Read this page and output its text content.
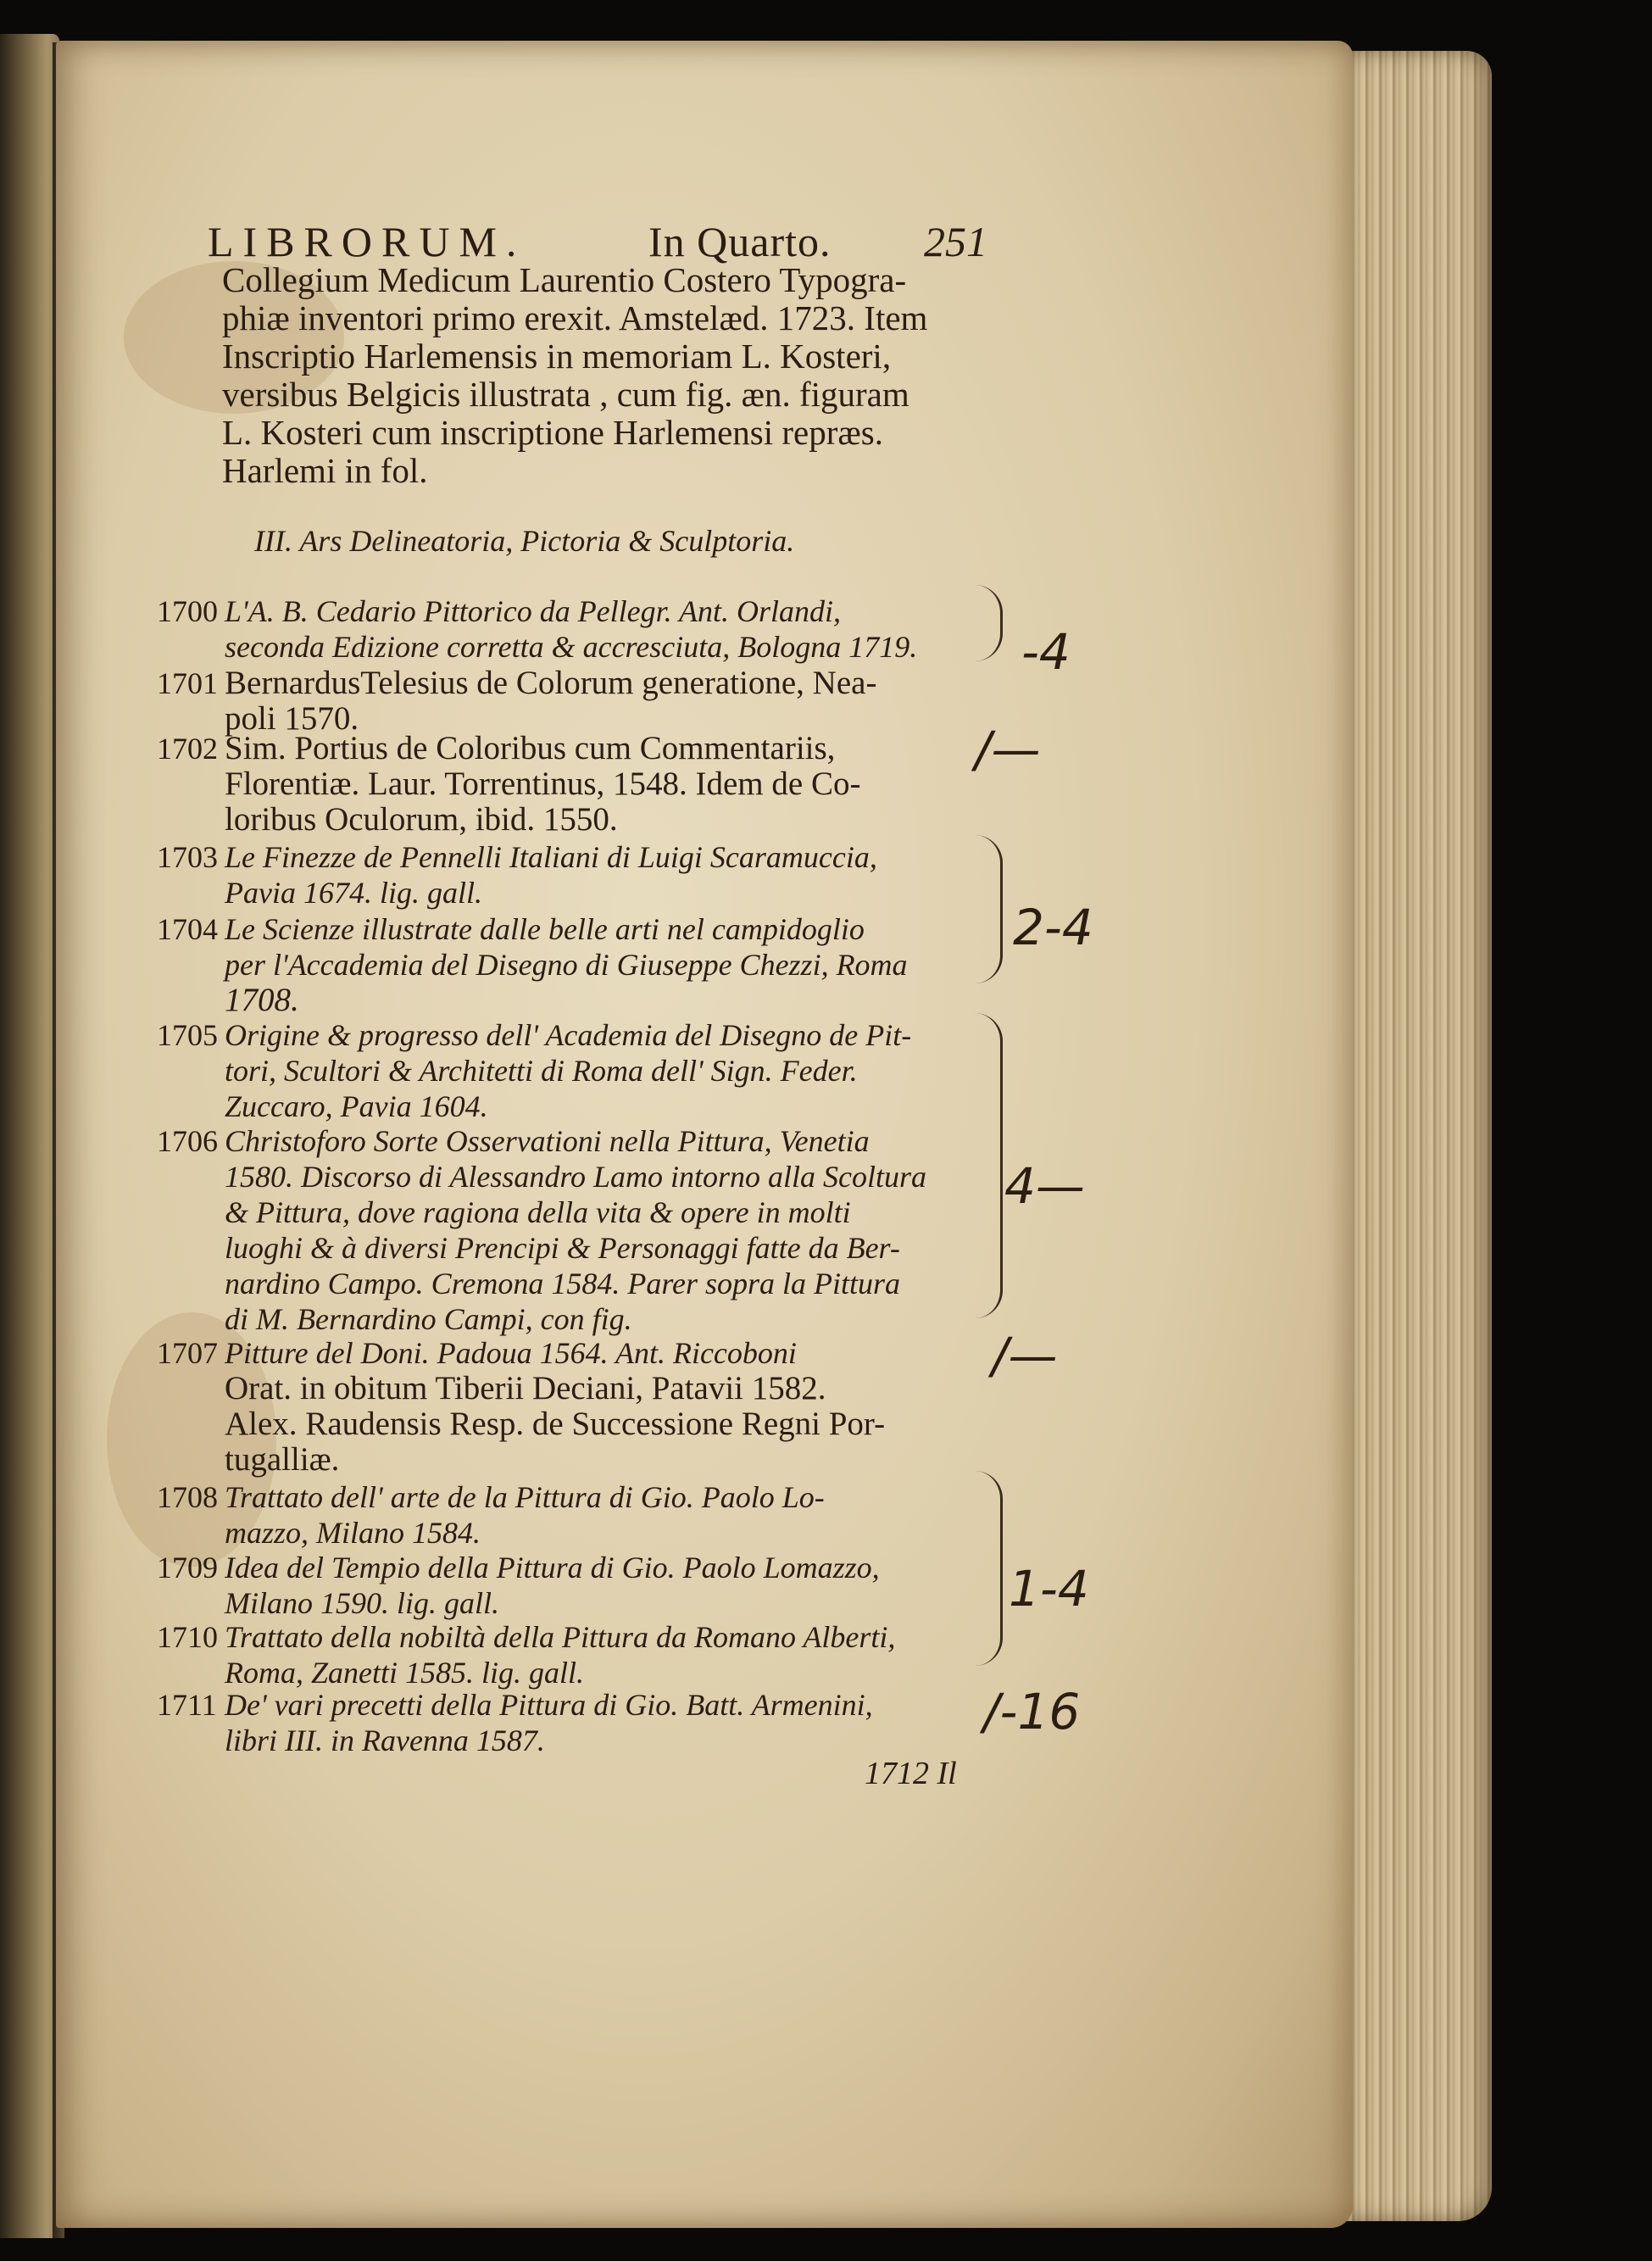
LIBRORUM.	In Quarto. 251
Collegium Medicum Laurentio Costero Typogra-
phiæ inventori primo erexit. Amstelæd. 1723. Item
Inscriptio Harlemensis in memoriam L. Kosteri,
versibus Belgicis illustrata , cum fig. æn. figuram
L. Kosteri cum inscriptione Harlemensi repræs.
Harlemi in fol.
III. Ars Delineatoria, Pictoria & Sculptoria.
1700 L'A. B. Cedario Pittorico da Pellegr. Ant. Orlandi,
seconda Edizione corretta & accresciuta, Bologna 1719.
1701 BernardusTelesius de Colorum generatione, Nea-
poli 1570.
1702 Sim. Portius de Coloribus cum Commentariis,
Florentiæ. Laur. Torrentinus, 1548. Idem de Co-
loribus Oculorum, ibid. 1550.
1703 Le Finezze de Pennelli Italiani di Luigi Scaramuccia,
Pavia 1674. lig. gall.
1704 Le Scienze illustrate dalle belle arti nel campidoglio
per l'Accademia del Disegno di Giuseppe Chezzi, Roma
1708.
1705 Origine & progresso dell' Academia del Disegno de Pit-
tori, Scultori & Architetti di Roma dell' Sign. Feder.
Zuccaro, Pavia 1604.
1706 Christoforo Sorte Osservationi nella Pittura, Venetia
1580. Discorso di Alessandro Lamo intorno alla Scoltura
& Pittura, dove ragiona della vita & opere in molti
luoghi & à diversi Prencipi & Personaggi fatte da Ber-
nardino Campo. Cremona 1584. Parer sopra la Pittura
di M. Bernardino Campi, con fig.
1707 Pitture del Doni. Padoua 1564. Ant. Riccoboni
Orat. in obitum Tiberii Deciani, Patavii 1582.
Alex. Raudensis Resp. de Successione Regni Por-
tugalliæ.
1708 Trattato dell' arte de la Pittura di Gio. Paolo Lo-
mazzo, Milano 1584.
1709 Idea del Tempio della Pittura di Gio. Paolo Lomazzo,
Milano 1590. lig. gall.
1710 Trattato della nobiltà della Pittura da Romano Alberti,
Roma, Zanetti 1585. lig. gall.
1711 De' vari precetti della Pittura di Gio. Batt. Armenini,
libri III. in Ravenna 1587.
-4
/—
2-4
4—
/—
1-4
/-16
1712 Il
